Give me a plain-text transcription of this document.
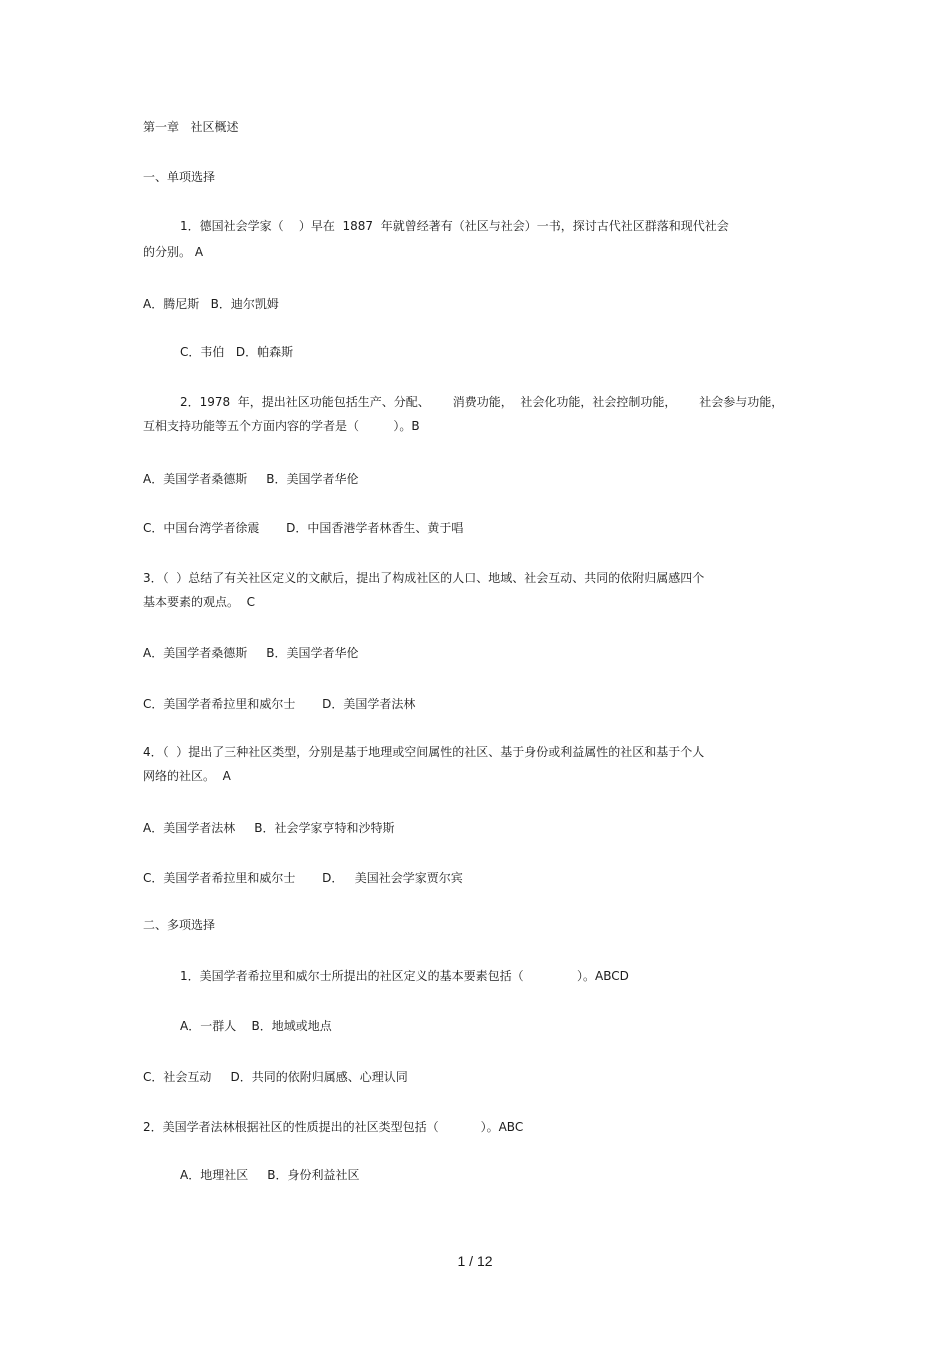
第一章   社区概述
一、单项选择
1．德国社会学家（    ）早在  1887  年就曾经著有（社区与社会）一书，探讨古代社区群落和现代社会
的分别。 A
A．腾尼斯   B．迪尔凯姆
C．韦伯   D．帕森斯
2．1978  年，提出社区功能包括生产、分配、      消费功能，  社会化功能，社会控制功能，      社会参与功能，
互相支持功能等五个方面内容的学者是（         ）。B
A．美国学者桑德斯     B．美国学者华伦
C．中国台湾学者徐震       D．中国香港学者林香生、黄于唱
3．（  ）总结了有关社区定义的文献后，提出了构成社区的人口、地域、社会互动、共同的依附归属感四个
基本要素的观点。  C
A．美国学者桑德斯     B．美国学者华伦
C．美国学者希拉里和威尔士       D．美国学者法林
4．（  ）提出了三种社区类型，分别是基于地理或空间属性的社区、基于身份或利益属性的社区和基于个人
网络的社区。  A
A．美国学者法林     B．社会学家亨特和沙特斯
C．美国学者希拉里和威尔士       D．   美国社会学家贾尔宾
二、多项选择
1．美国学者希拉里和威尔士所提出的社区定义的基本要素包括（              ）。ABCD
A．一群人    B．地域或地点
C．社会互动     D．共同的依附归属感、心理认同
2．美国学者法林根据社区的性质提出的社区类型包括（           ）。ABC
A．地理社区     B．身份利益社区
1 / 12
